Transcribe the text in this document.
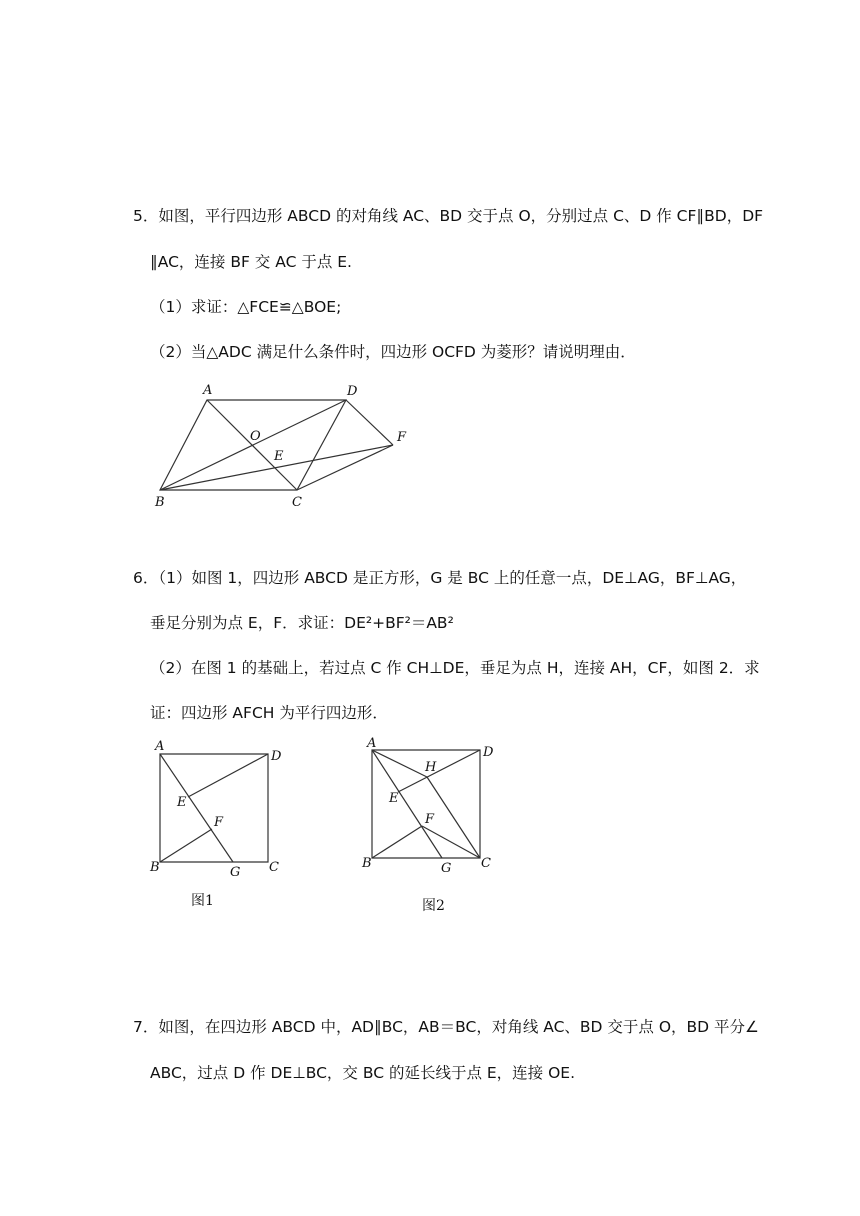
5．如图，平行四边形 ABCD 的对角线 AC、BD 交于点 O，分别过点 C、D 作 CF∥BD，DF
∥AC，连接 BF 交 AC 于点 E.
（1）求证：△FCE≌△BOE;
（2）当△ADC 满足什么条件时，四边形 OCFD 为菱形？请说明理由．
A	D
O	F
E
B	C
6．（1）如图 1，四边形 ABCD 是正方形，G 是 BC 上的任意一点，DE⊥AG，BF⊥AG，
垂足分别为点 E，F．求证：DE²+BF²＝AB²
（2）在图 1 的基础上，若过点 C 作 CH⊥DE，垂足为点 H，连接 AH，CF，如图 2．求
证：四边形 AFCH 为平行四边形．
A
D
E
F
B	G C
图1
A
D
H
E
F
B	G C
图2
7．如图，在四边形 ABCD 中，AD∥BC，AB＝BC，对角线 AC、BD 交于点 O，BD 平分∠
ABC，过点 D 作 DE⊥BC，交 BC 的延长线于点 E，连接 OE.
